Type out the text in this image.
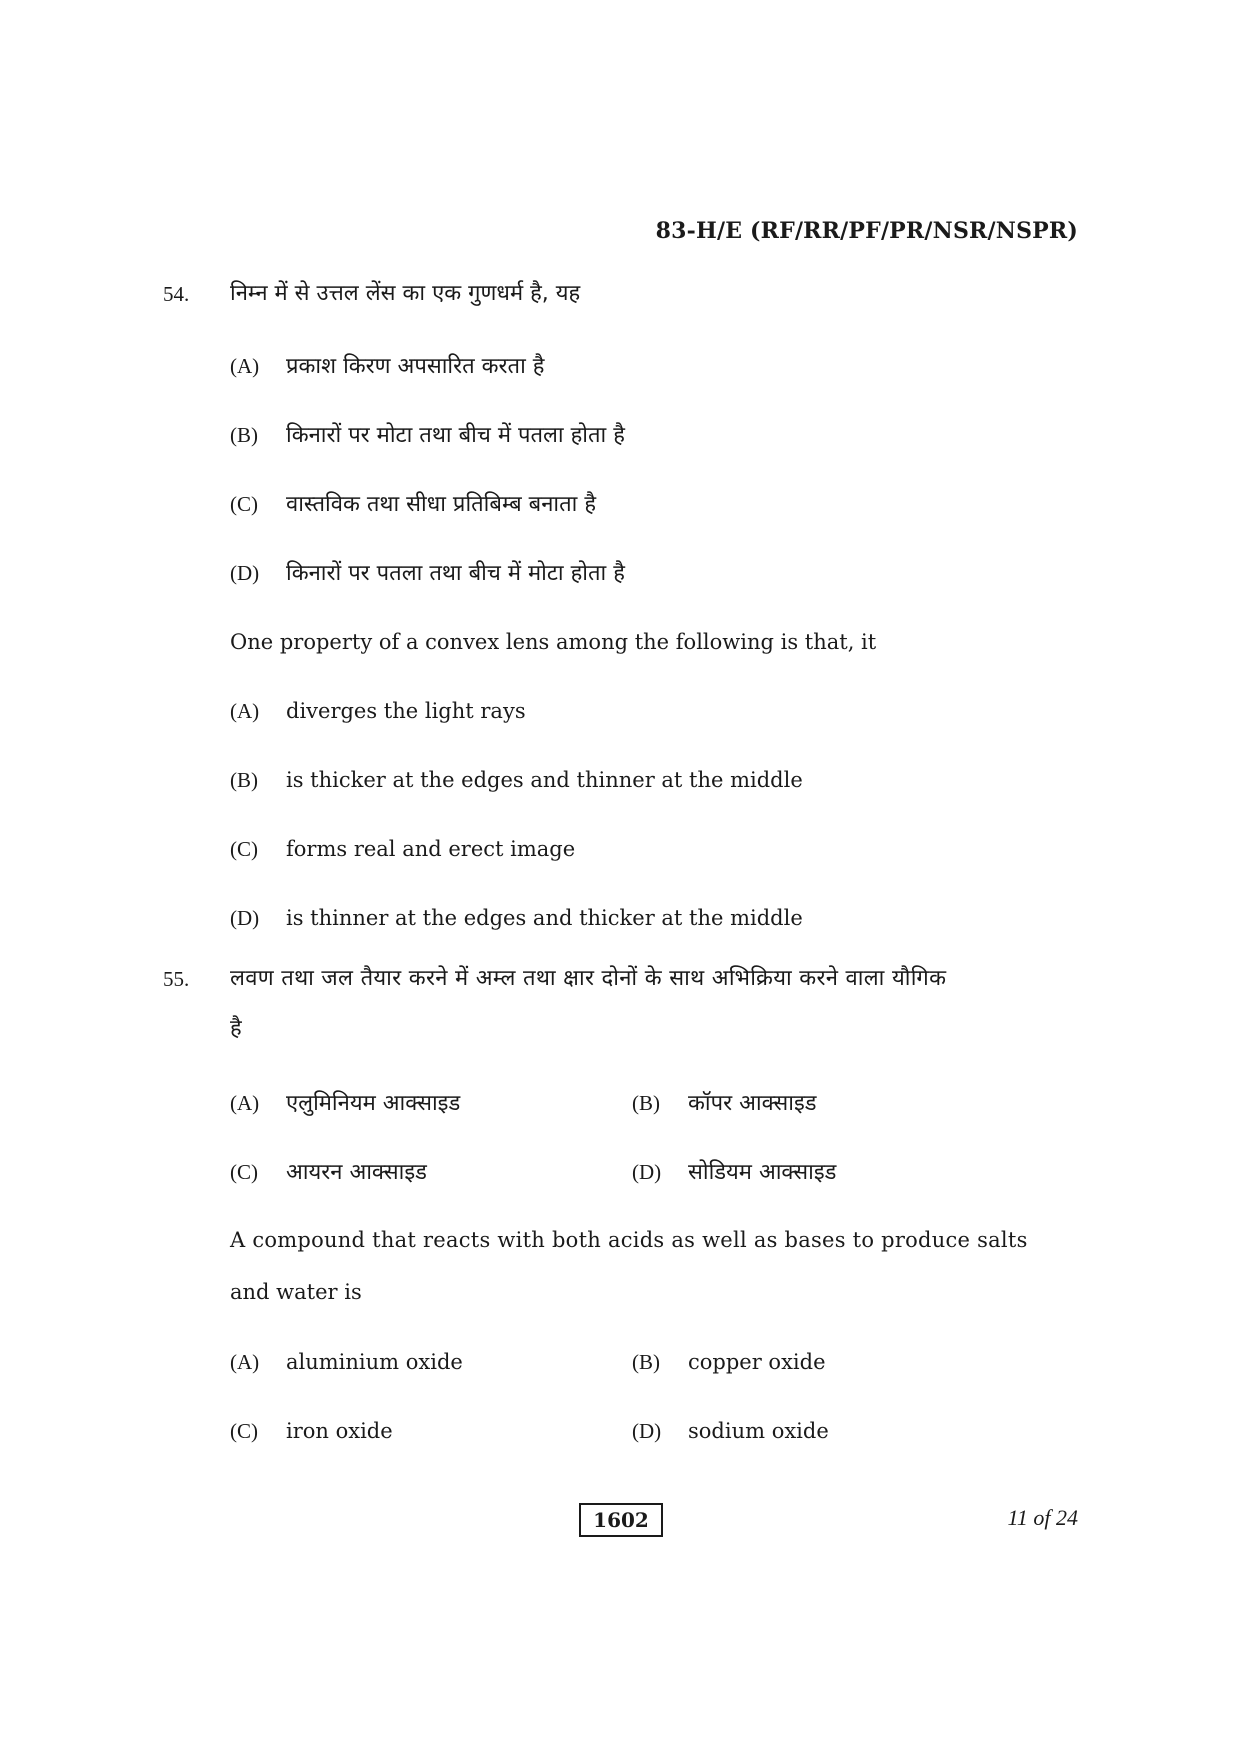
83-H/E (RF/RR/PF/PR/NSR/NSPR)
54. निम्न में से उत्तल लेंस का एक गुणधर्म है, यह
(A) प्रकाश किरण अपसारित करता है
(B) किनारों पर मोटा तथा बीच में पतला होता है
(C) वास्तविक तथा सीधा प्रतिबिम्ब बनाता है
(D) किनारों पर पतला तथा बीच में मोटा होता है
One property of a convex lens among the following is that, it
(A) diverges the light rays
(B) is thicker at the edges and thinner at the middle
(C) forms real and erect image
(D) is thinner at the edges and thicker at the middle
55. लवण तथा जल तैयार करने में अम्ल तथा क्षार दोनों के साथ अभिक्रिया करने वाला यौगिक
है
(A) एलुमिनियम आक्साइड	(B) कॉपर आक्साइड
(C) आयरन आक्साइड	(D) सोडियम आक्साइड
A compound that reacts with both acids as well as bases to produce salts
and water is
(A) aluminium oxide	(B) copper oxide
(C) iron oxide	(D) sodium oxide
1602	11 of 24
